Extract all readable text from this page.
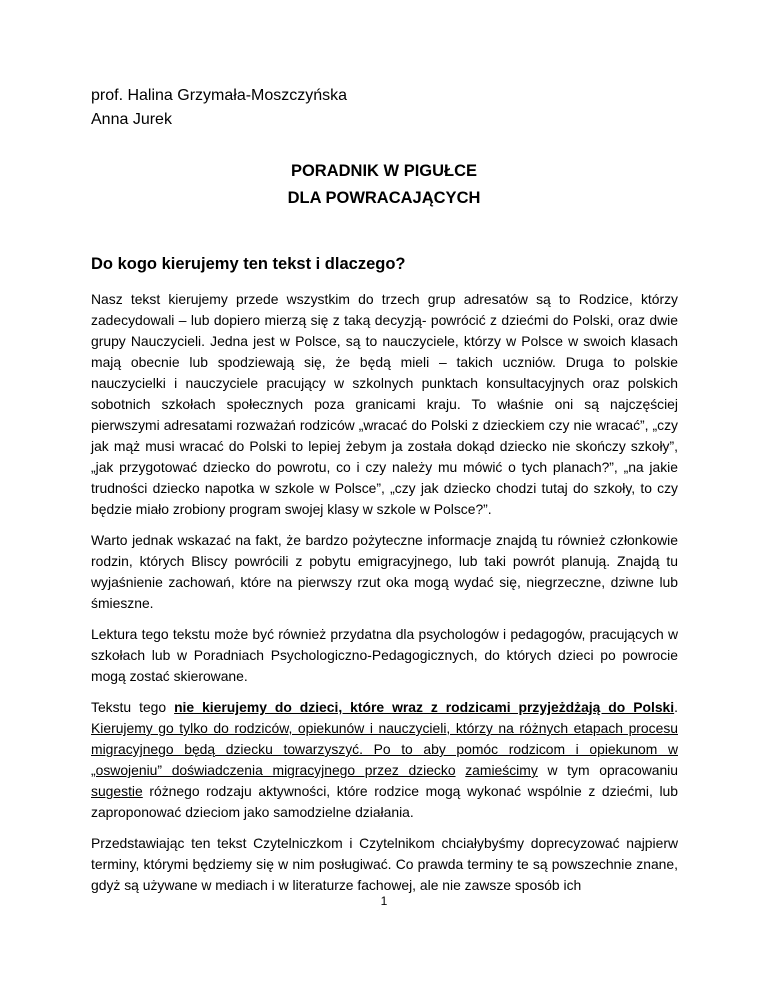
prof. Halina Grzymała-Moszczyńska
Anna Jurek
PORADNIK W PIGUŁCE
DLA POWRACAJĄCYCH
Do kogo kierujemy ten tekst i dlaczego?

Nasz tekst kierujemy przede wszystkim do trzech grup adresatów są to Rodzice, którzy zadecydowali – lub dopiero mierzą się z taką decyzją- powrócić z dziećmi do Polski, oraz dwie grupy Nauczycieli. Jedna jest w Polsce, są to nauczyciele, którzy w Polsce w swoich klasach mają obecnie lub spodziewają się, że będą mieli – takich uczniów. Druga to polskie nauczycielki i nauczyciele pracujący w szkolnych punktach konsultacyjnych oraz polskich sobotnich szkołach społecznych poza granicami kraju. To właśnie oni są najczęściej pierwszymi adresatami rozważań rodziców „wracać do Polski z dzieckiem czy nie wracać”, „czy jak mąż musi wracać do Polski to lepiej żebym ja została dokąd dziecko nie skończy szkoły”, „jak przygotować dziecko do powrotu, co i czy należy mu mówić o tych planach?”, „na jakie trudności dziecko napotka w szkole w Polsce”, „czy jak dziecko chodzi tutaj do szkoły, to czy będzie miało zrobiony program swojej klasy w szkole w Polsce?”.

Warto jednak wskazać na fakt, że bardzo pożyteczne informacje znajdą tu również członkowie rodzin, których Bliscy powrócili z pobytu emigracyjnego, lub taki powrót planują. Znajdą tu wyjaśnienie zachowań, które na pierwszy rzut oka mogą wydać się, niegrzeczne, dziwne lub śmieszne.

Lektura tego tekstu może być również przydatna dla psychologów i pedagogów, pracujących w szkołach lub w Poradniach Psychologiczno-Pedagogicznych, do których dzieci po powrocie mogą zostać skierowane.

Tekstu tego nie kierujemy do dzieci, które wraz z rodzicami przyjeżdżają do Polski. Kierujemy go tylko do rodziców, opiekunów i nauczycieli, którzy na różnych etapach procesu migracyjnego będą dziecku towarzyszyć. Po to aby pomóc rodzicom i opiekunom w „oswojeniu” doświadczenia migracyjnego przez dziecko zamieścimy w tym opracowaniu sugestie różnego rodzaju aktywności, które rodzice mogą wykonać wspólnie z dziećmi, lub zaproponować dzieciom jako samodzielne działania.

Przedstawiając ten tekst Czytelniczkom i Czytelnikom chciałybyśmy doprecyzować najpierw terminy, którymi będziemy się w nim posługiwać. Co prawda terminy te są powszechnie znane, gdyż są używane w mediach i w literaturze fachowej, ale nie zawsze sposób ich

1
